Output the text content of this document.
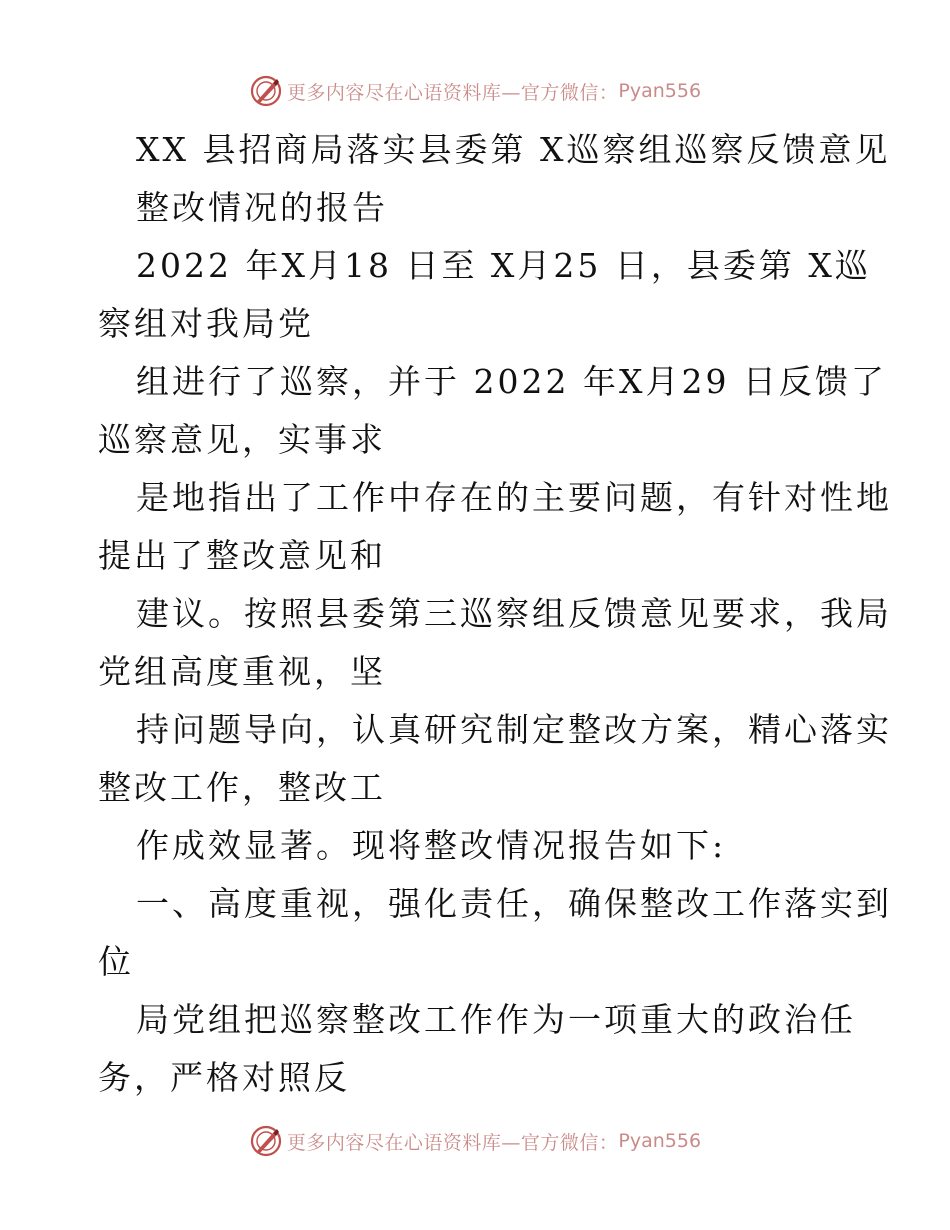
更多内容尽在心语资料库—官方微信： Pyan556
XX 县招商局落实县委第 X巡察组巡察反馈意见
整改情况的报告
2022 年X月18 日至 X月25 日，县委第 X巡
察组对我局党
组进行了巡察，并于 2022 年X月29 日反馈了
巡察意见，实事求
是地指出了工作中存在的主要问题，有针对性地
提出了整改意见和
建议。按照县委第三巡察组反馈意见要求，我局
党组高度重视，坚
持问题导向，认真研究制定整改方案，精心落实
整改工作，整改工
作成效显著。现将整改情况报告如下:
一、高度重视，强化责任，确保整改工作落实到
位
局党组把巡察整改工作作为一项重大的政治任
务，严格对照反
更多内容尽在心语资料库—官方微信： Pyan556
